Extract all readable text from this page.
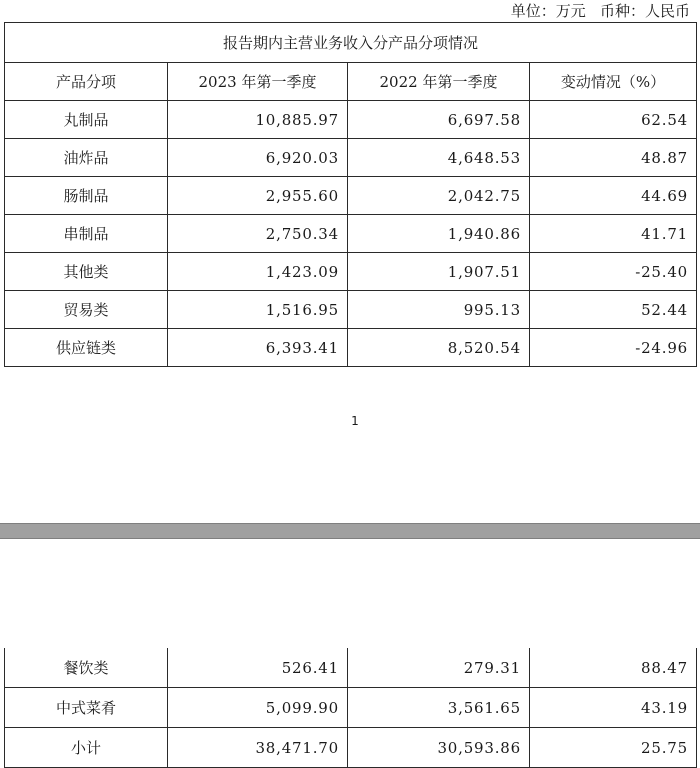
单位：万元   币种：人民币
报告期内主营业务收入分产品分项情况			
产品分项	2023 年第一季度	2022 年第一季度	变动情况（%）
丸制品	10,885.97	6,697.58	62.54
油炸品	6,920.03	4,648.53	48.87
肠制品	2,955.60	2,042.75	44.69
串制品	2,750.34	1,940.86	41.71
其他类	1,423.09	1,907.51	-25.40
贸易类	1,516.95	995.13	52.44
供应链类	6,393.41	8,520.54	-24.96
1
餐饮类	526.41	279.31	88.47
中式菜肴	5,099.90	3,561.65	43.19
小计	38,471.70	30,593.86	25.75
